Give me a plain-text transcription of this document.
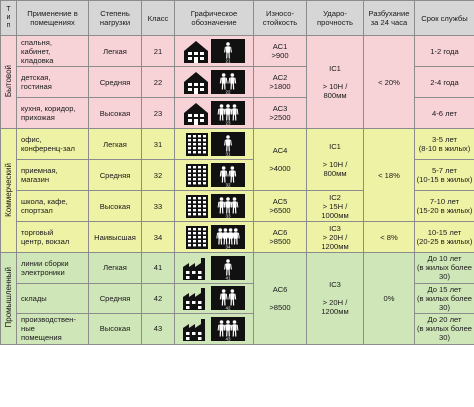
Т
и
п	Применение в
помещениях	Степень
нагрузки	Класс	Графическое
обозначение	Износо-
стойкость	Ударо-
прочность	Разбухание
за 24 часа	Срок службы
Бытовой	спальня,
кабинет,
кладовка	Легкая	21	21	АС1
>900	IC1

> 10Н /
800мм	< 20%	1-2 года
	детская,
гостиная	Средняя	22	22	АС2
>1800			2-4 года
	кухня, коридор,
прихожая	Высокая	23	23	АС3
>2500			4-6 лет
Коммерческий	офис,
конференц-зал	Легкая	31	31	АС4

>4000	IC1

> 10Н /
800мм	< 18%	3-5 лет
(8-10 в жилых)
	приемная,
магазин	Средняя	32	32				5-7 лет
(10-15 в жилых)
	школа, кафе,
спортзал	Высокая	33	33	АС5
>6500	IC2
> 15Н /
1000мм		7-10 лет
(15-20 в жилых)
	торговый
центр, вокзал	Наивысшая	34	34	АС6
>8500	IC3
> 20Н /
1200мм	< 8%	10-15 лет
(20-25 в жилых)
Промышленный	линии сборки
электроники	Легкая	41	41	АС6

>8500	IC3

> 20Н /
1200мм	0%	До 10 лет
(в жилых более
30)
	склады	Средняя	42	42				До 15 лет
(в жилых более
30)
	производствен-
ные
помещения	Высокая	43	43				До 20 лет
(в жилых более
30)
